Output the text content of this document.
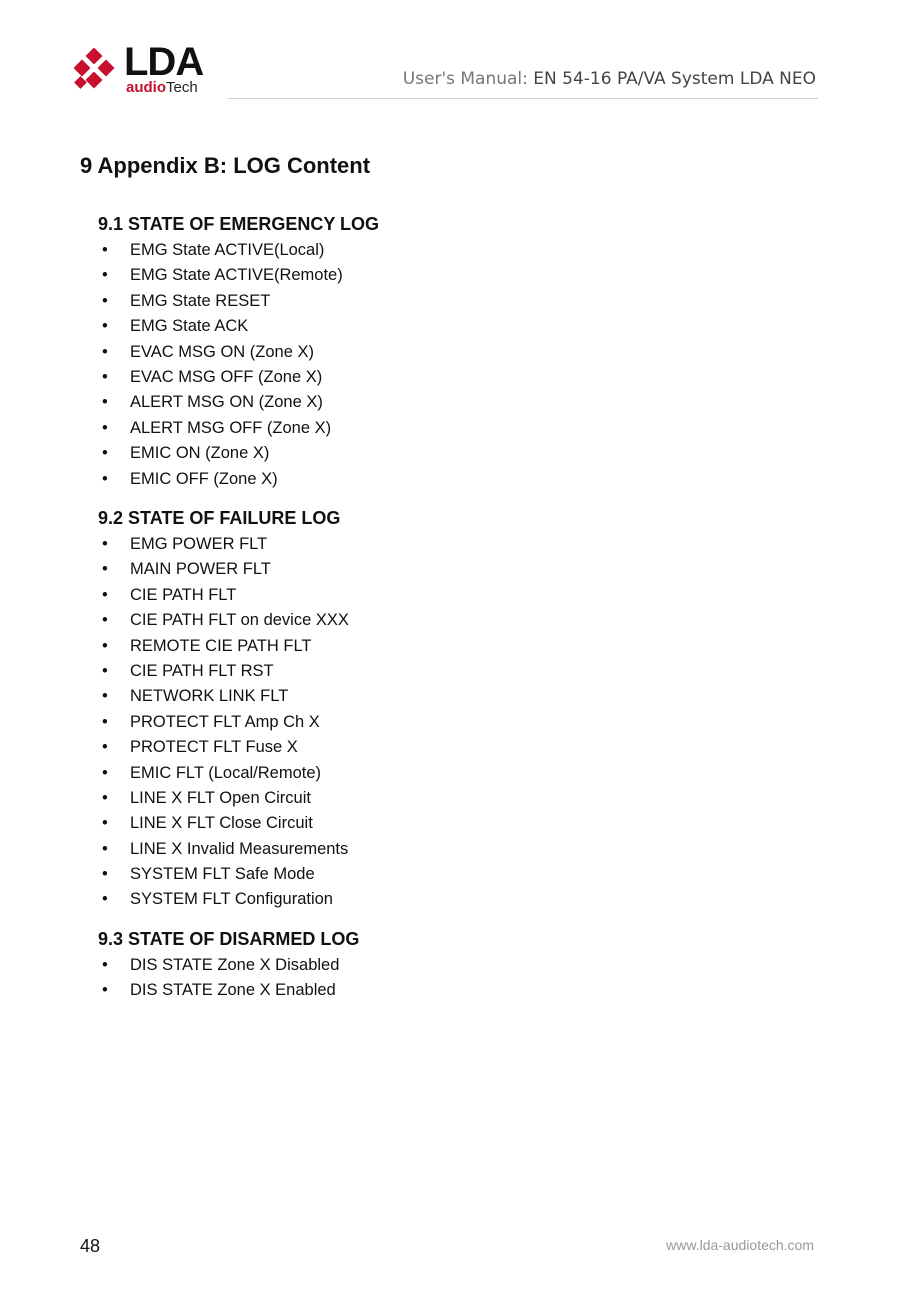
LDA
audioTech	User's Manual: EN 54-16 PA/VA System LDA NEO
9 Appendix B: LOG Content
9.1 STATE OF EMERGENCY LOG
• EMG State ACTIVE(Local)
• EMG State ACTIVE(Remote)
• EMG State RESET
• EMG State ACK
• EVAC MSG ON (Zone X)
• EVAC MSG OFF (Zone X)
• ALERT MSG ON (Zone X)
• ALERT MSG OFF (Zone X)
• EMIC ON (Zone X)
• EMIC OFF (Zone X)
9.2 STATE OF FAILURE LOG
• EMG POWER FLT
• MAIN POWER FLT
• CIE PATH FLT
• CIE PATH FLT on device XXX
• REMOTE CIE PATH FLT
• CIE PATH FLT RST
• NETWORK LINK FLT
• PROTECT FLT Amp Ch X
• PROTECT FLT Fuse X
• EMIC FLT (Local/Remote)
• LINE X FLT Open Circuit
• LINE X FLT Close Circuit
• LINE X Invalid Measurements
• SYSTEM FLT Safe Mode
• SYSTEM FLT Configuration
9.3 STATE OF DISARMED LOG
• DIS STATE Zone X Disabled
• DIS STATE Zone X Enabled
48	www.lda-audiotech.com
